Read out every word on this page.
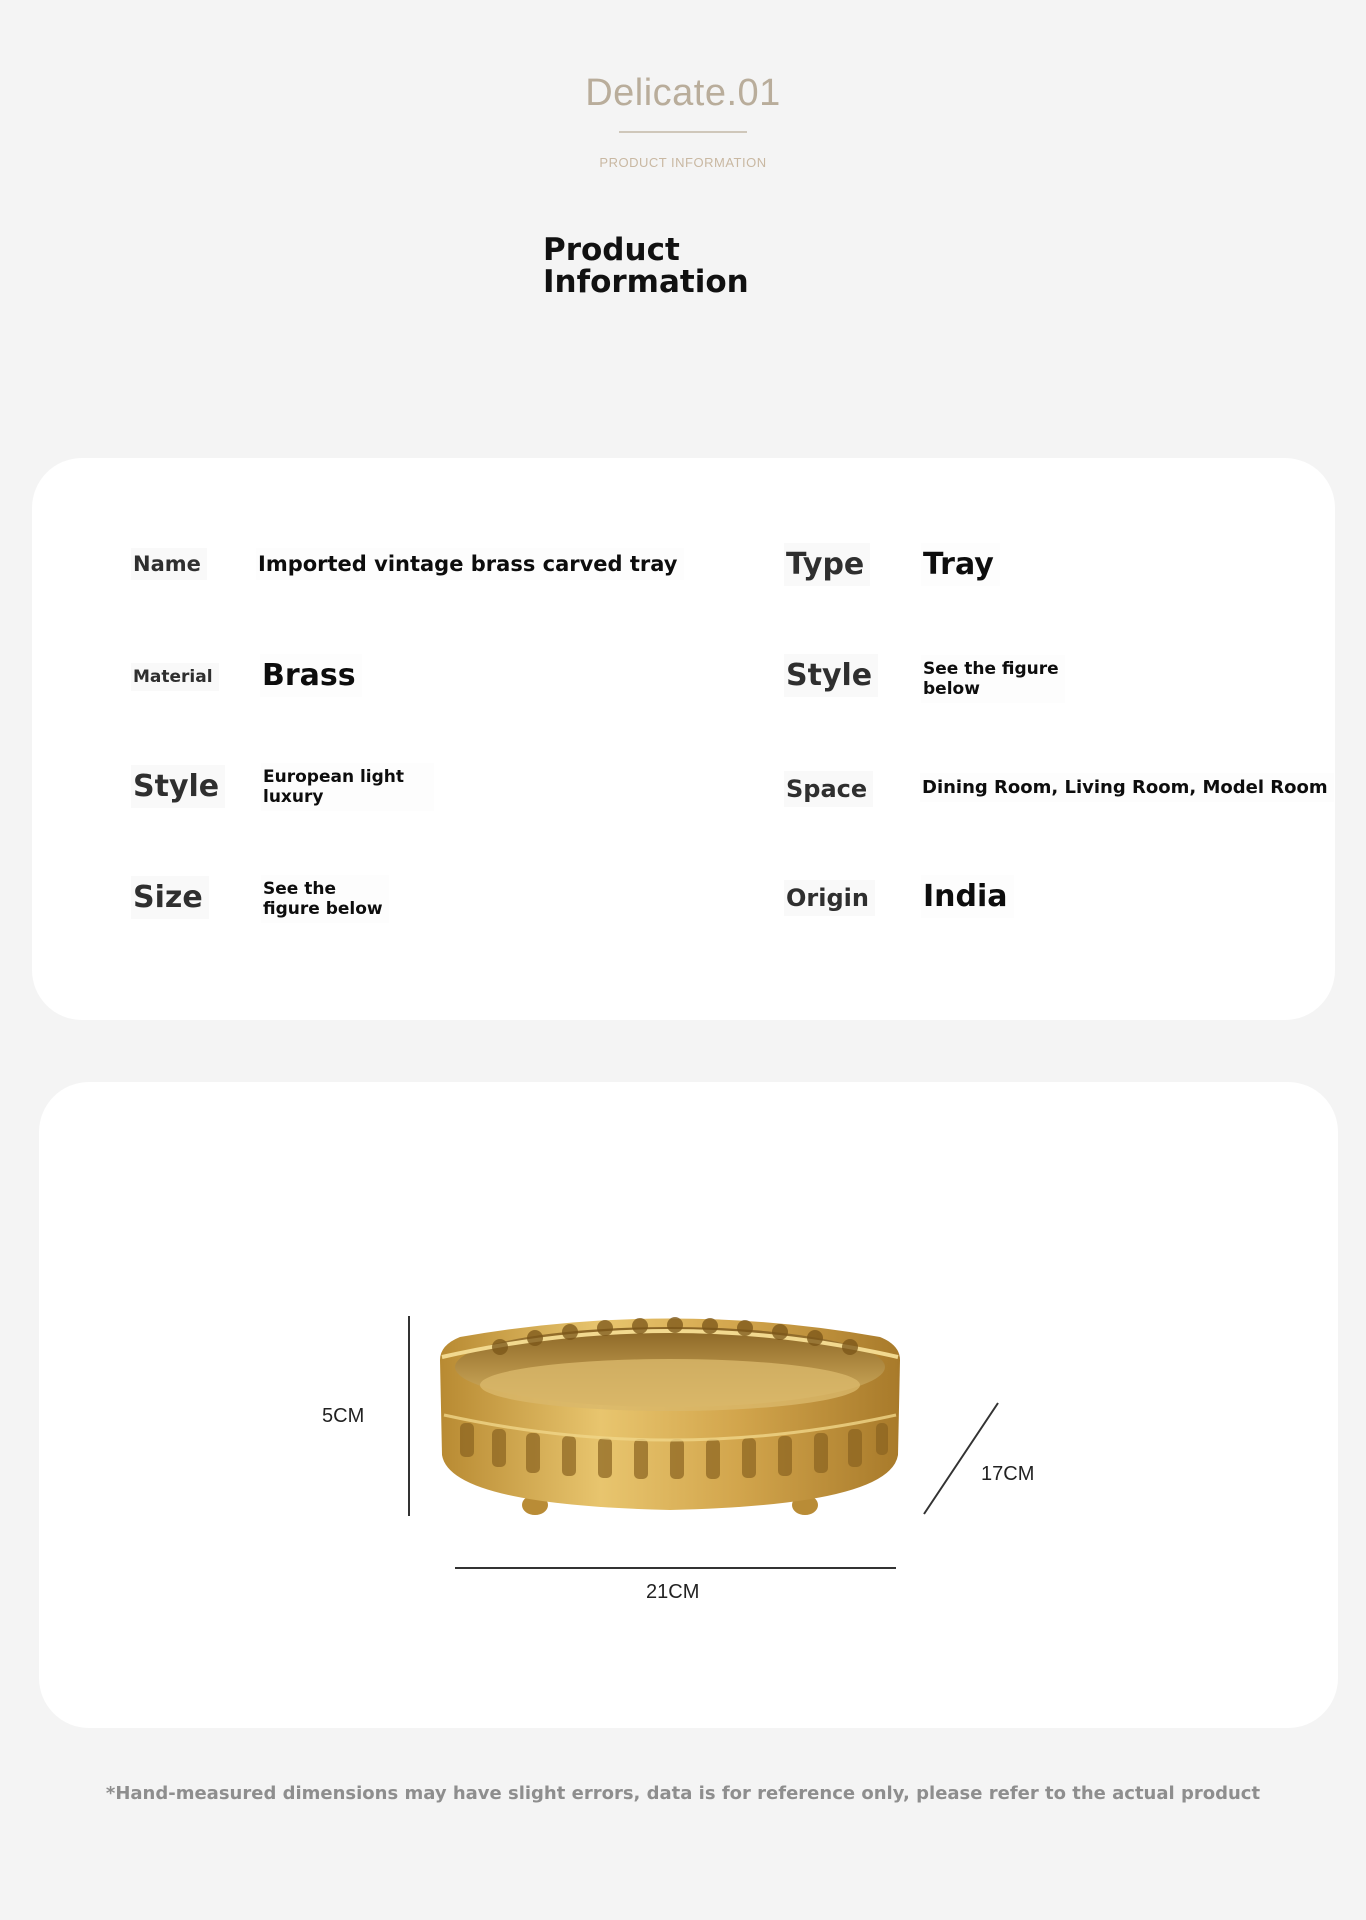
Delicate.01
PRODUCT INFORMATION
Product
Information
Name	Imported vintage brass carved tray	Type Tray
Material Brass	Style	See the figure
below
Style	European light
luxury	Space	Dining Room, Living Room, Model Room
Size	See the
figure below	Origin India
5CM
17CM
21CM
*Hand-measured dimensions may have slight errors, data is for reference only, please refer to the actual product
